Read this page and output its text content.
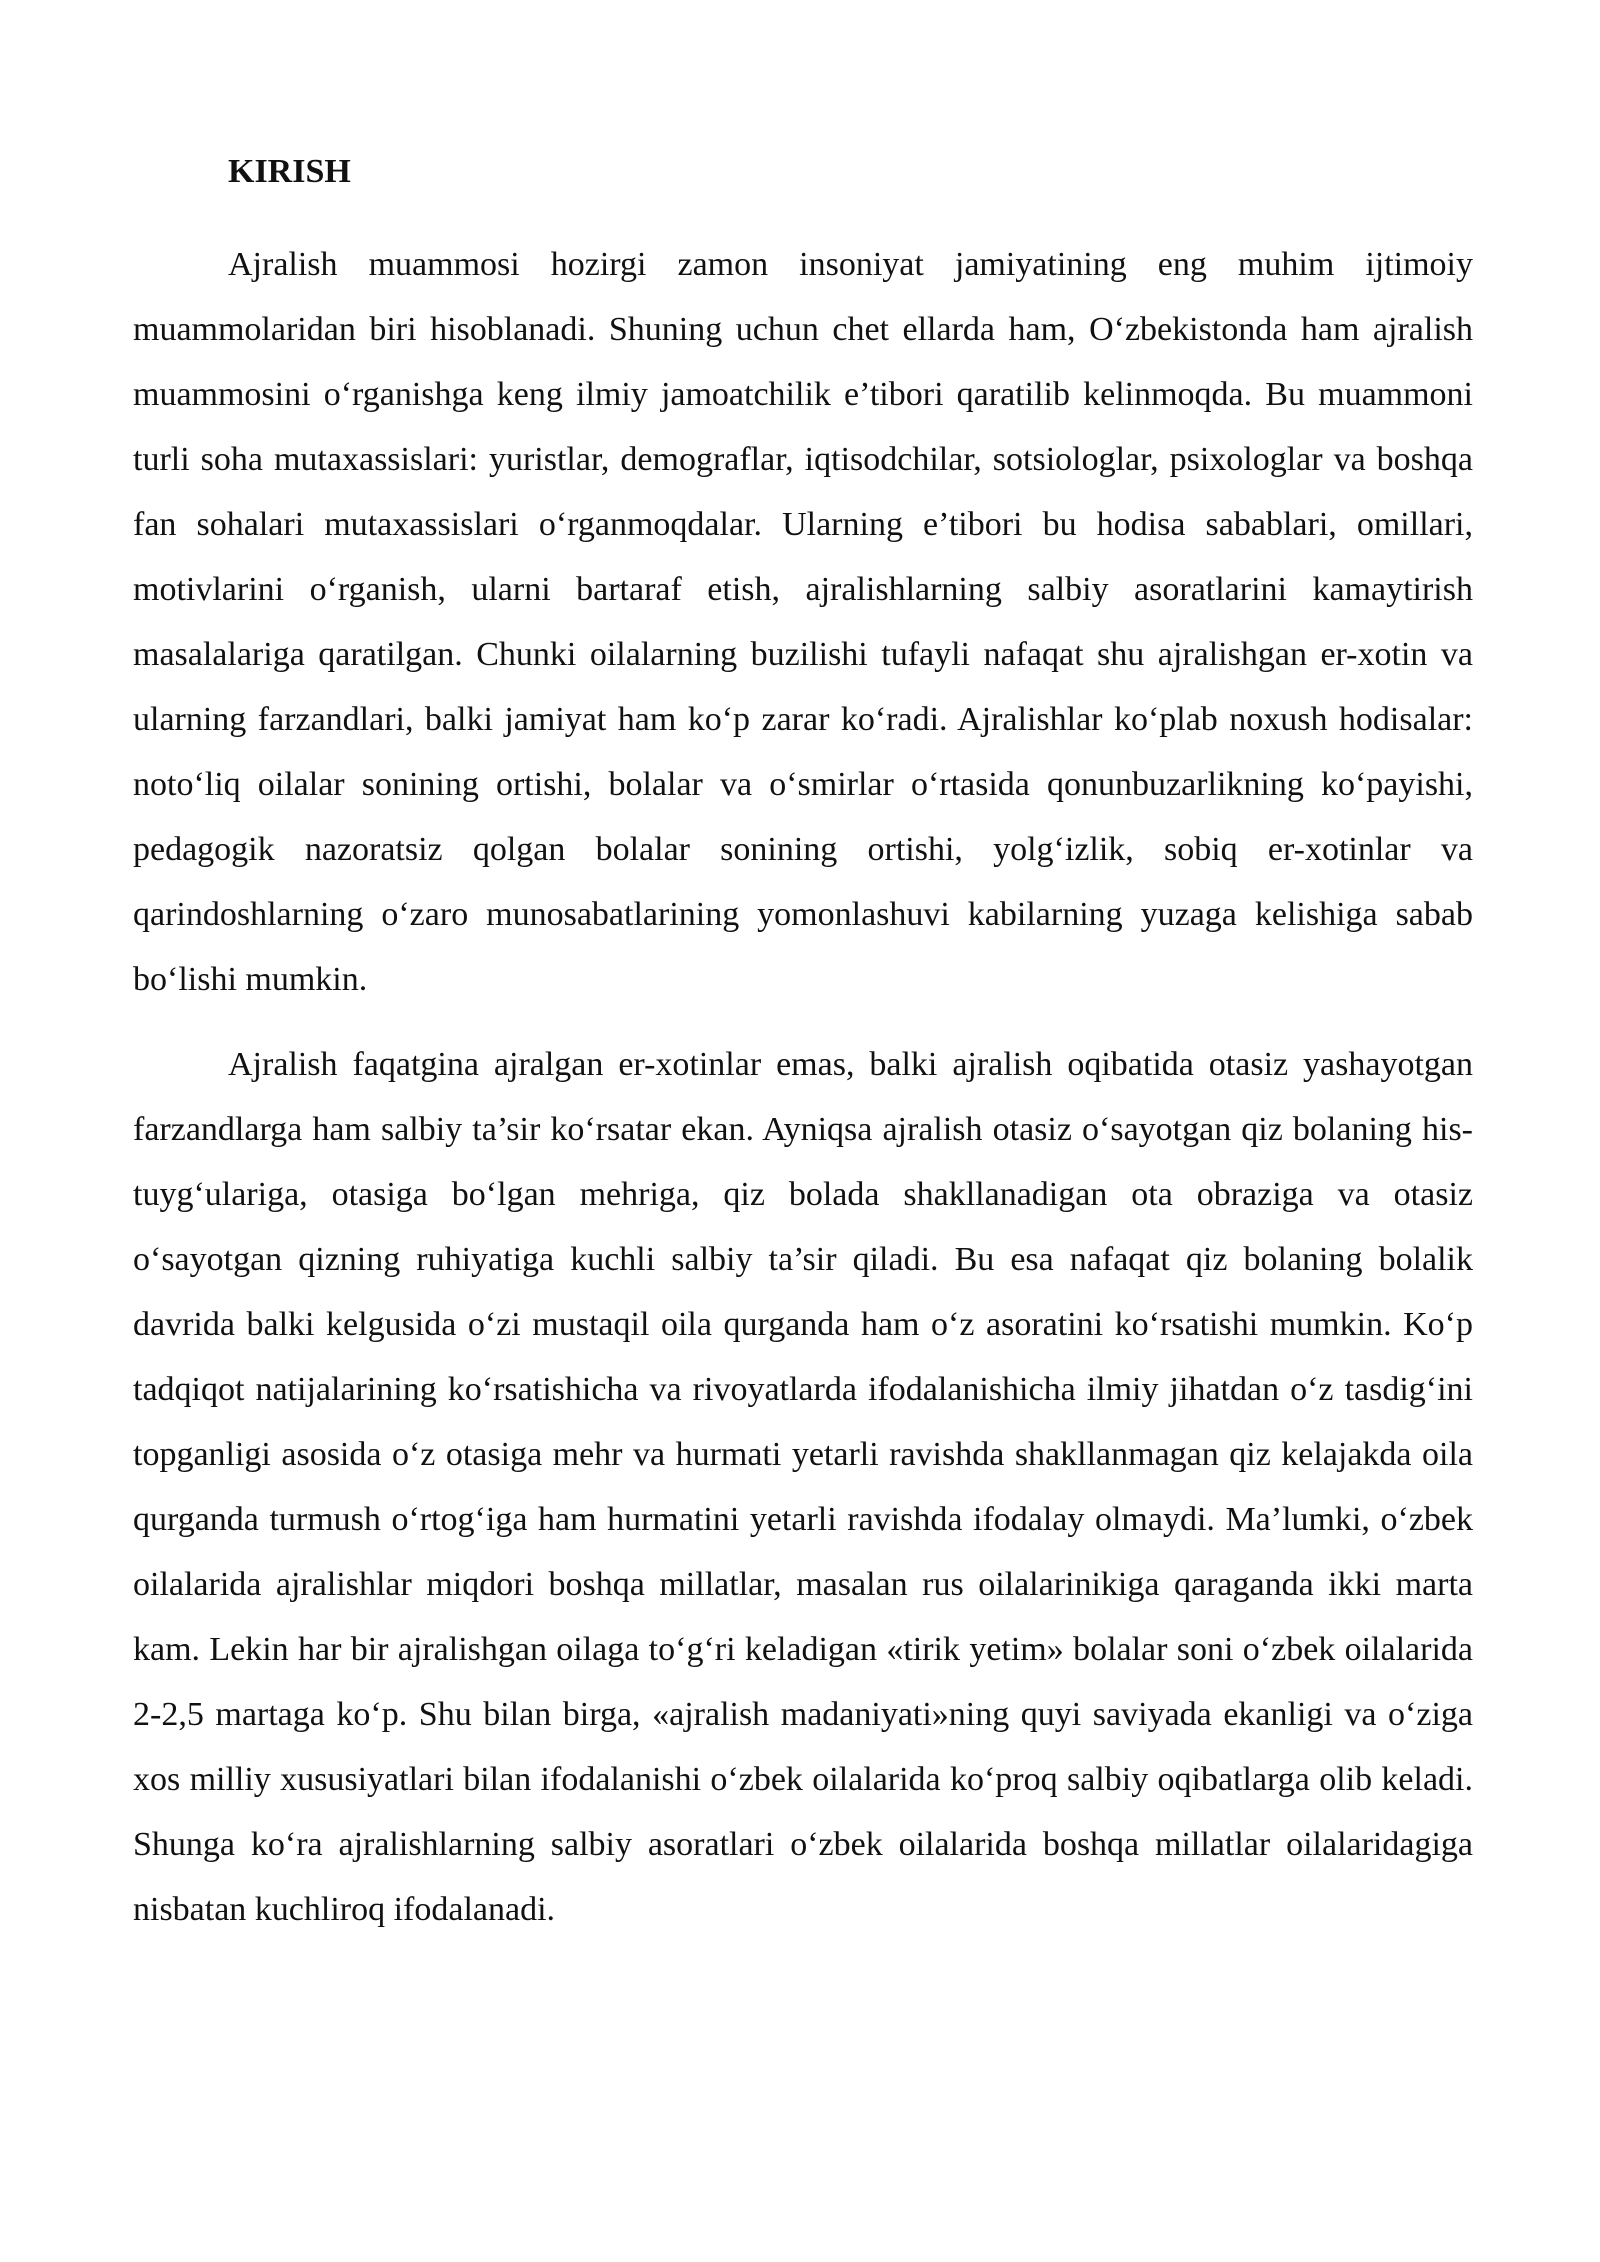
KIRISH

Ajralish muammosi hozirgi zamon insoniyat jamiyatining eng muhim ijtimoiy muammolaridan biri hisoblanadi. Shuning uchun chet ellarda ham, O‘zbekistonda ham ajralish muammosini o‘rganishga keng ilmiy jamoatchilik e’tibori qaratilib kelinmoqda. Bu muammoni turli soha mutaxassislari: yuristlar, demograflar, iqtisodchilar, sotsiologlar, psixologlar va boshqa fan sohalari mutaxassislari o‘rganmoqdalar. Ularning e’tibori bu hodisa sabablari, omillari, motivlarini o‘rganish, ularni bartaraf etish, ajralishlarning salbiy asoratlarini kamaytirish masalalariga qaratilgan. Chunki oilalarning buzilishi tufayli nafaqat shu ajralishgan er-xotin va ularning farzandlari, balki jamiyat ham ko‘p zarar ko‘radi. Ajralishlar ko‘plab noxush hodisalar: noto‘liq oilalar sonining ortishi, bolalar va o‘smirlar o‘rtasida qonunbuzarlikning ko‘payishi, pedagogik nazoratsiz qolgan bolalar sonining ortishi, yolg‘izlik, sobiq er-xotinlar va qarindoshlarning o‘zaro munosabatlarining yomonlashuvi kabilarning yuzaga kelishiga sabab bo‘lishi mumkin.

Ajralish faqatgina ajralgan er-xotinlar emas, balki ajralish oqibatida otasiz yashayotgan farzandlarga ham salbiy ta’sir ko‘rsatar ekan. Ayniqsa ajralish otasiz o‘sayotgan qiz bolaning his-tuyg‘ulariga, otasiga bo‘lgan mehriga, qiz bolada shakllanadigan ota obraziga va otasiz o‘sayotgan qizning ruhiyatiga kuchli salbiy ta’sir qiladi. Bu esa nafaqat qiz bolaning bolalik davrida balki kelgusida o‘zi mustaqil oila qurganda ham o‘z asoratini ko‘rsatishi mumkin. Ko‘p tadqiqot natijalarining ko‘rsatishicha va rivoyatlarda ifodalanishicha ilmiy jihatdan o‘z tasdig‘ini topganligi asosida o‘z otasiga mehr va hurmati yetarli ravishda shakllanmagan qiz kelajakda oila qurganda turmush o‘rtog‘iga ham hurmatini yetarli ravishda ifodalay olmaydi. Ma’lumki, o‘zbek oilalarida ajralishlar miqdori boshqa millatlar, masalan rus oilalarinikiga qaraganda ikki marta kam. Lekin har bir ajralishgan oilaga to‘g‘ri keladigan «tirik yetim» bolalar soni o‘zbek oilalarida 2-2,5 martaga ko‘p. Shu bilan birga, «ajralish madaniyati»ning quyi saviyada ekanligi va o‘ziga xos milliy xususiyatlari bilan ifodalanishi o‘zbek oilalarida ko‘proq salbiy oqibatlarga olib keladi. Shunga ko‘ra ajralishlarning salbiy asoratlari o‘zbek oilalarida boshqa millatlar oilalaridagiga nisbatan kuchliroq ifodalanadi.
